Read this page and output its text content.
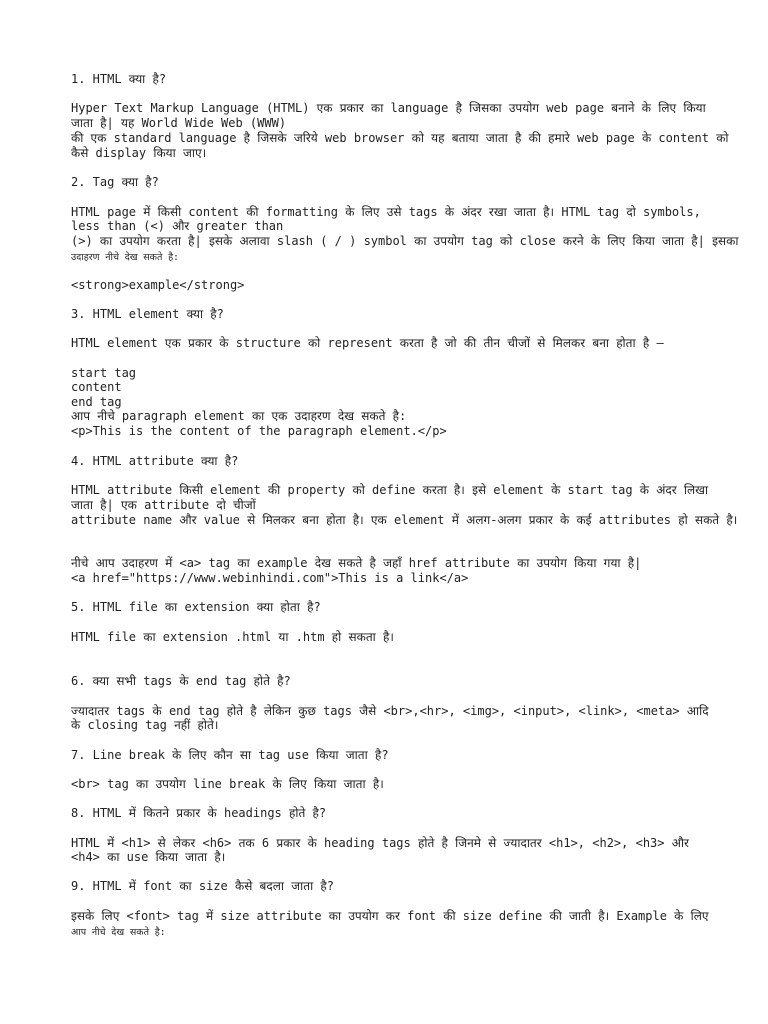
1. HTML क्या है?
Hyper Text Markup Language (HTML) एक प्रकार का language है जिसका उपयोग web page बनाने के लिए किया
जाता है| यह World Wide Web (WWW)
की एक standard language है जिसके जरिये web browser को यह बताया जाता है की हमारे web page के content को
कैसे display किया जाए।
2. Tag क्या है?
HTML page में किसी content की formatting के लिए उसे tags के अंदर रखा जाता है। HTML tag दो symbols,
less than (<) और greater than
(>) का उपयोग करता है| इसके अलावा slash ( / ) symbol का उपयोग tag को close करने के लिए किया जाता है| इसका
उदाहरण नीचे देख सकते है:
<strong>example</strong>
3. HTML element क्या है?
HTML element एक प्रकार के structure को represent करता है जो की तीन चीजों से मिलकर बना होता है –
start tag
content
end tag
आप नीचे paragraph element का एक उदाहरण देख सकते है:
<p>This is the content of the paragraph element.</p>
4. HTML attribute क्या है?
HTML attribute किसी element की property को define करता है। इसे element के start tag के अंदर लिखा
जाता है| एक attribute दो चीजों
attribute name और value से मिलकर बना होता है। एक element में अलग-अलग प्रकार के कई attributes हो सकते है।
नीचे आप उदाहरण में <a> tag का example देख सकते है जहाँ href attribute का उपयोग किया गया है|
<a href="https://www.webinhindi.com">This is a link</a>
5. HTML file का extension क्या होता है?
HTML file का extension .html या .htm हो सकता है।
6. क्या सभी tags के end tag होते है?
ज्यादातर tags के end tag होते है लेकिन कुछ tags जैसे <br>,<hr>, <img>, <input>, <link>, <meta> आदि
के closing tag नहीं होते।
7. Line break के लिए कौन सा tag use किया जाता है?
<br> tag का उपयोग line break के लिए किया जाता है।
8. HTML में कितने प्रकार के headings होते है?
HTML में <h1> से लेकर <h6> तक 6 प्रकार के heading tags होते है जिनमे से ज्यादातर <h1>, <h2>, <h3> और
<h4> का use किया जाता है।
9. HTML में font का size कैसे बदला जाता है?
इसके लिए <font> tag में size attribute का उपयोग कर font की size define की जाती है। Example के लिए
आप नीचे देख सकते है:
